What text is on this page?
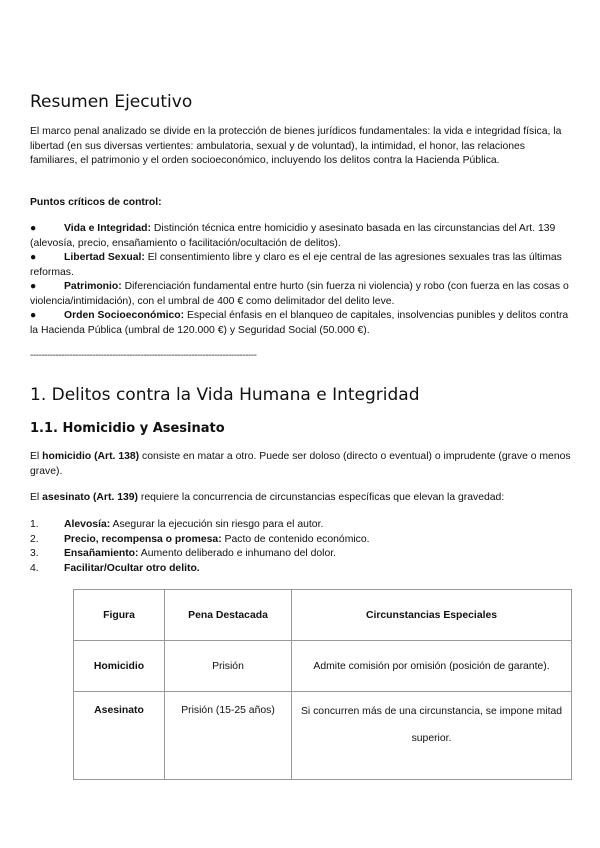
Resumen Ejecutivo

El marco penal analizado se divide en la protección de bienes jurídicos fundamentales: la vida e integridad física, la libertad (en sus diversas vertientes: ambulatoria, sexual y de voluntad), la intimidad, el honor, las relaciones familiares, el patrimonio y el orden socioeconómico, incluyendo los delitos contra la Hacienda Pública.

Puntos críticos de control:

●	Vida e Integridad: Distinción técnica entre homicidio y asesinato basada en las circunstancias del Art. 139 (alevosía, precio, ensañamiento o facilitación/ocultación de delitos).
●	Libertad Sexual: El consentimiento libre y claro es el eje central de las agresiones sexuales tras las últimas reformas.
●	Patrimonio: Diferenciación fundamental entre hurto (sin fuerza ni violencia) y robo (con fuerza en las cosas o violencia/intimidación), con el umbral de 400 € como delimitador del delito leve.
●	Orden Socioeconómico: Especial énfasis en el blanqueo de capitales, insolvencias punibles y delitos contra la Hacienda Pública (umbral de 120.000 €) y Seguridad Social (50.000 €).
--------------------------------------------------------------------------------
1. Delitos contra la Vida Humana e Integridad
1.1. Homicidio y Asesinato

El homicidio (Art. 138) consiste en matar a otro. Puede ser doloso (directo o eventual) o imprudente (grave o menos grave).

El asesinato (Art. 139) requiere la concurrencia de circunstancias específicas que elevan la gravedad:

1.	Alevosía: Asegurar la ejecución sin riesgo para el autor.
2.	Precio, recompensa o promesa: Pacto de contenido económico.
3.	Ensañamiento: Aumento deliberado e inhumano del dolor.
4.	Facilitar/Ocultar otro delito.
Figura	Pena Destacada	Circunstancias Especiales
Homicidio	Prisión	Admite comisión por omisión (posición de garante).
Asesinato	Prisión (15-25 años)	Si concurren más de una circunstancia, se impone mitad superior.
